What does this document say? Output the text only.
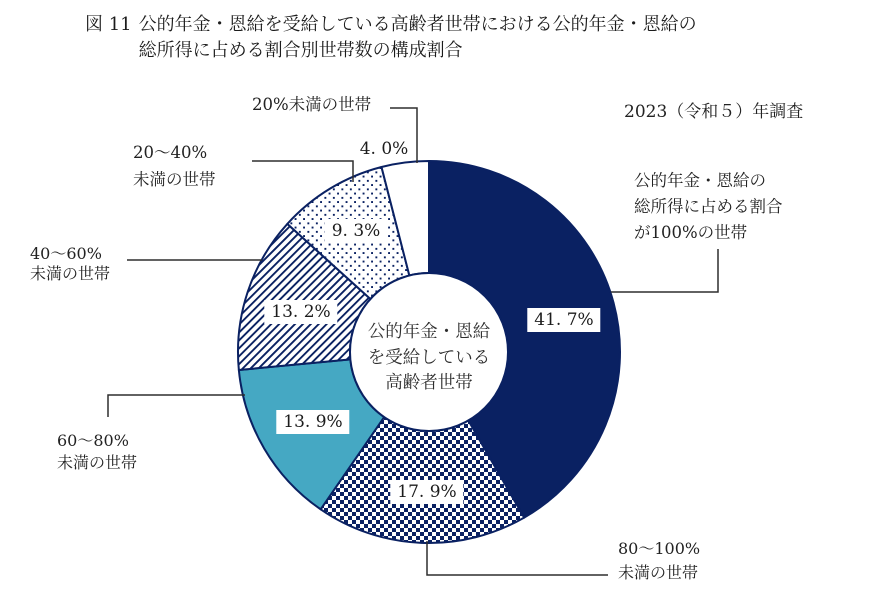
図 11 公的年金・恩給を受給している高齢者世帯における公的年金・恩給の
総所得に占める割合別世帯数の構成割合
2023（令和５）年調査
公的年金・恩給の
総所得に占める割合
が100%の世帯
20%未満の世帯
20〜40%
未満の世帯
40〜60%
未満の世帯
60〜80%
未満の世帯
80〜100%
未満の世帯
公的年金・恩給
を受給している
高齢者世帯
41. 7%
17. 9%
13. 9%
13. 2%
9. 3%
4. 0%
